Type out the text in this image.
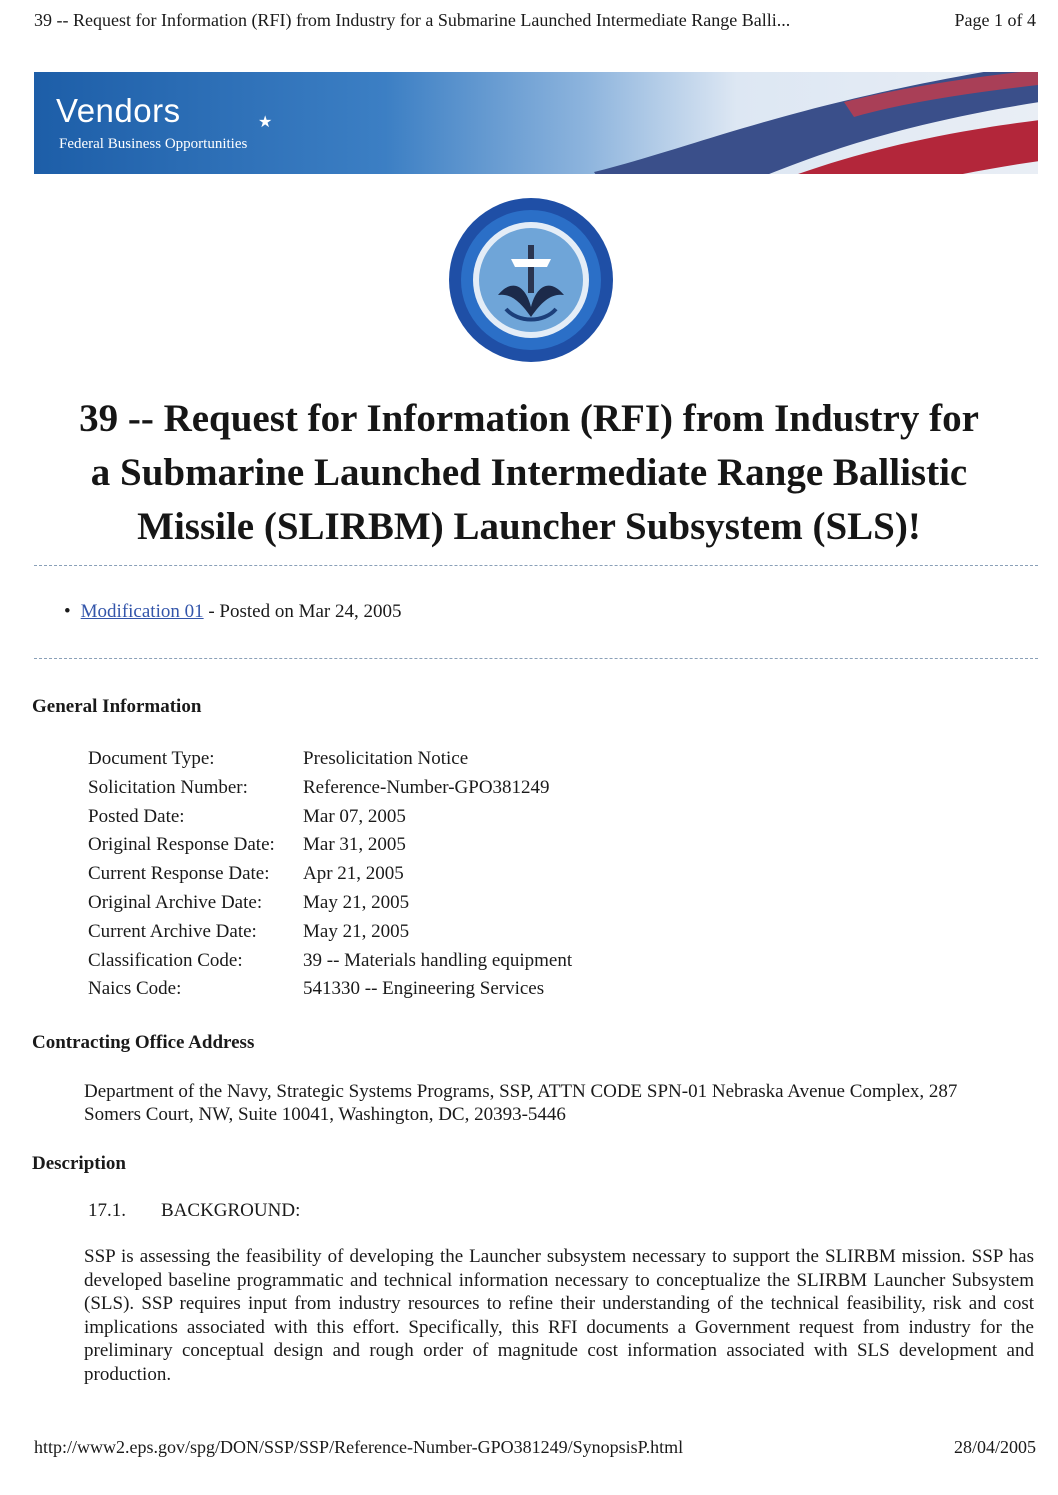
39 -- Request for Information (RFI) from Industry for a Submarine Launched Intermediate Range Balli...	Page 1 of 4
Vendors	★
Federal Business Opportunities
39 -- Request for Information (RFI) from Industry for
a Submarine Launched Intermediate Range Ballistic
Missile (SLIRBM) Launcher Subsystem (SLS)!
• Modification 01 - Posted on Mar 24, 2005
General Information
Document Type:	Presolicitation Notice
Solicitation Number:	Reference-Number-GPO381249
Posted Date:	Mar 07, 2005
Original Response Date:	Mar 31, 2005
Current Response Date:	Apr 21, 2005
Original Archive Date:	May 21, 2005
Current Archive Date:	May 21, 2005
Classification Code:	39 -- Materials handling equipment
Naics Code:	541330 -- Engineering Services
Contracting Office Address
Department of the Navy, Strategic Systems Programs, SSP, ATTN CODE SPN-01 Nebraska Avenue Complex, 287 Somers Court, NW, Suite 10041, Washington, DC, 20393-5446
Description
17.1. BACKGROUND:
SSP is assessing the feasibility of developing the Launcher subsystem necessary to support the SLIRBM mission. SSP has developed baseline programmatic and technical information necessary to conceptualize the SLIRBM Launcher Subsystem (SLS). SSP requires input from industry resources to refine their understanding of the technical feasibility, risk and cost implications associated with this effort. Specifically, this RFI documents a Government request from industry for the preliminary conceptual design and rough order of magnitude cost information associated with SLS development and production.
http://www2.eps.gov/spg/DON/SSP/SSP/Reference-Number-GPO381249/SynopsisP.html	28/04/2005
